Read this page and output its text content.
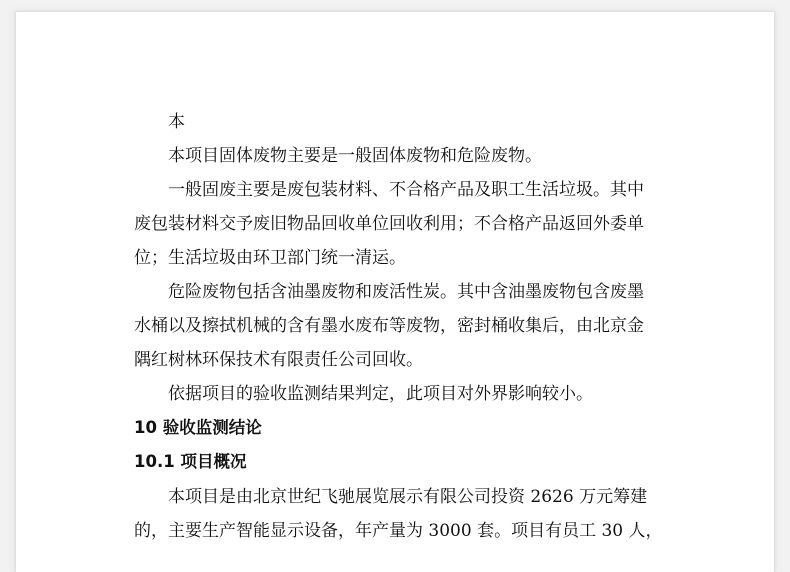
本
本项目固体废物主要是一般固体废物和危险废物。
一般固废主要是废包装材料、不合格产品及职工生活垃圾。其中
废包装材料交予废旧物品回收单位回收利用；不合格产品返回外委单
位；生活垃圾由环卫部门统一清运。
危险废物包括含油墨废物和废活性炭。其中含油墨废物包含废墨
水桶以及擦拭机械的含有墨水废布等废物，密封桶收集后，由北京金
隅红树林环保技术有限责任公司回收。
依据项目的验收监测结果判定，此项目对外界影响较小。
10 验收监测结论
10.1 项目概况
本项目是由北京世纪飞驰展览展示有限公司投资 2626 万元筹建
的，主要生产智能显示设备，年产量为 3000 套。项目有员工 30 人，
